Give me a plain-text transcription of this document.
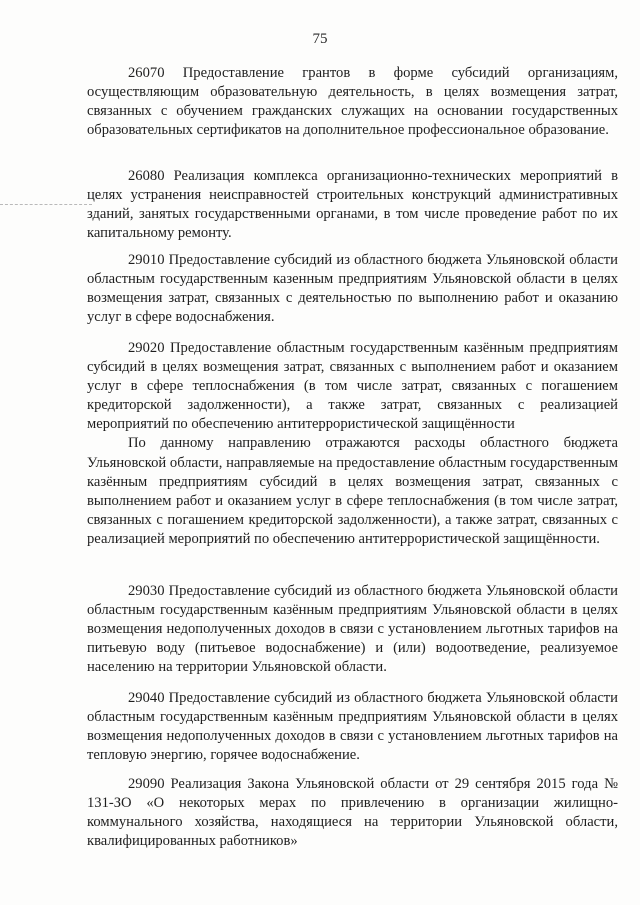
75

26070 Предоставление грантов в форме субсидий организациям, осуществляющим образовательную деятельность, в целях возмещения затрат, связанных с обучением гражданских служащих на основании государственных образовательных сертификатов на дополнительное профессиональное образование.

26080 Реализация комплекса организационно-технических мероприятий в целях устранения неисправностей строительных конструкций административных зданий, занятых государственными органами, в том числе проведение работ по их капитальному ремонту.

29010 Предоставление субсидий из областного бюджета Ульяновской области областным государственным казенным предприятиям Ульяновской области в целях возмещения затрат, связанных с деятельностью по выполнению работ и оказанию услуг в сфере водоснабжения.

29020 Предоставление областным государственным казённым предприятиям субсидий в целях возмещения затрат, связанных с выполнением работ и оказанием услуг в сфере теплоснабжения (в том числе затрат, связанных с погашением кредиторской задолженности), а также затрат, связанных с реализацией мероприятий по обеспечению антитеррористической защищённости

По данному направлению отражаются расходы областного бюджета Ульяновской области, направляемые на предоставление областным государственным казённым предприятиям субсидий в целях возмещения затрат, связанных с выполнением работ и оказанием услуг в сфере теплоснабжения (в том числе затрат, связанных с погашением кредиторской задолженности), а также затрат, связанных с реализацией мероприятий по обеспечению антитеррористической защищённости.

29030 Предоставление субсидий из областного бюджета Ульяновской области областным государственным казённым предприятиям Ульяновской области в целях возмещения недополученных доходов в связи с установлением льготных тарифов на питьевую воду (питьевое водоснабжение) и (или) водоотведение, реализуемое населению на территории Ульяновской области.

29040 Предоставление субсидий из областного бюджета Ульяновской области областным государственным казённым предприятиям Ульяновской области в целях возмещения недополученных доходов в связи с установлением льготных тарифов на тепловую энергию, горячее водоснабжение.

29090 Реализация Закона Ульяновской области от 29 сентября 2015 года № 131-ЗО «О некоторых мерах по привлечению в организации жилищно-коммунального хозяйства, находящиеся на территории Ульяновской области, квалифицированных работников»
